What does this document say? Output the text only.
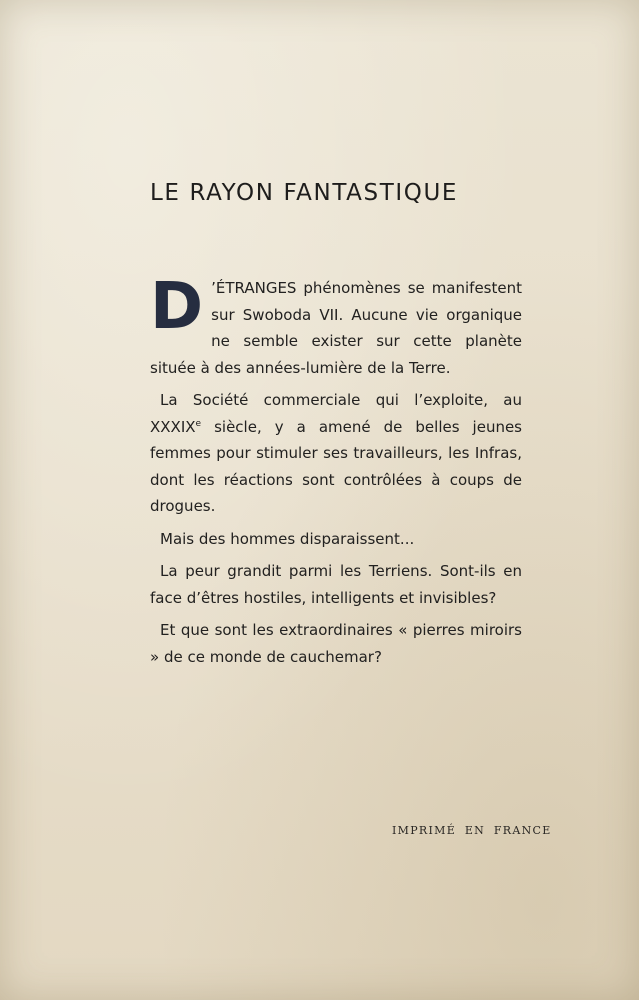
LE RAYON FANTASTIQUE

D ’ÉTRANGES phénomènes se manifestent sur Swoboda VII. Aucune vie organique ne semble exister sur cette planète située à des années-lumière de la Terre.

La Société commerciale qui l’exploite, au XXXIXe siècle, y a amené de belles jeunes femmes pour stimuler ses travailleurs, les Infras, dont les réactions sont contrôlées à coups de drogues.

Mais des hommes disparaissent...

La peur grandit parmi les Terriens. Sont-ils en face d’êtres hostiles, intelligents et invisibles?

Et que sont les extraordinaires « pierres miroirs » de ce monde de cauchemar?

IMPRIMÉ EN FRANCE
